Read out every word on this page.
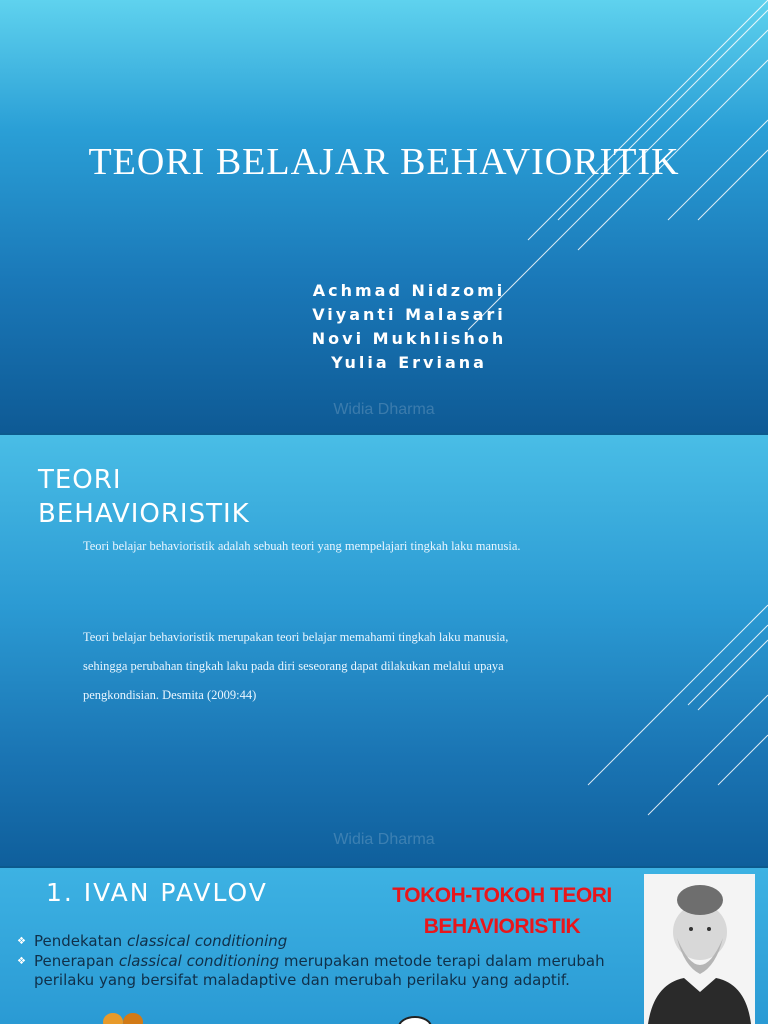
TEORI BELAJAR BEHAVIORITIK
Achmad Nidzomi
Viyanti Malasari
Novi Mukhlishoh
Yulia Erviana
Widia Dharma
TEORI BEHAVIORISTIK
Teori belajar behavioristik adalah sebuah teori yang mempelajari tingkah laku manusia.
Teori belajar behavioristik merupakan teori belajar memahami tingkah laku manusia,
sehingga perubahan tingkah laku pada diri seseorang dapat dilakukan melalui upaya
pengkondisian. Desmita (2009:44)
Widia Dharma
1. IVAN PAVLOV	TOKOH-TOKOH TEORI
BEHAVIORISTIK
❖ Pendekatan classical conditioning
❖ Penerapan classical conditioning merupakan metode terapi dalam merubah perilaku yang bersifat maladaptive dan merubah perilaku yang adaptif.
